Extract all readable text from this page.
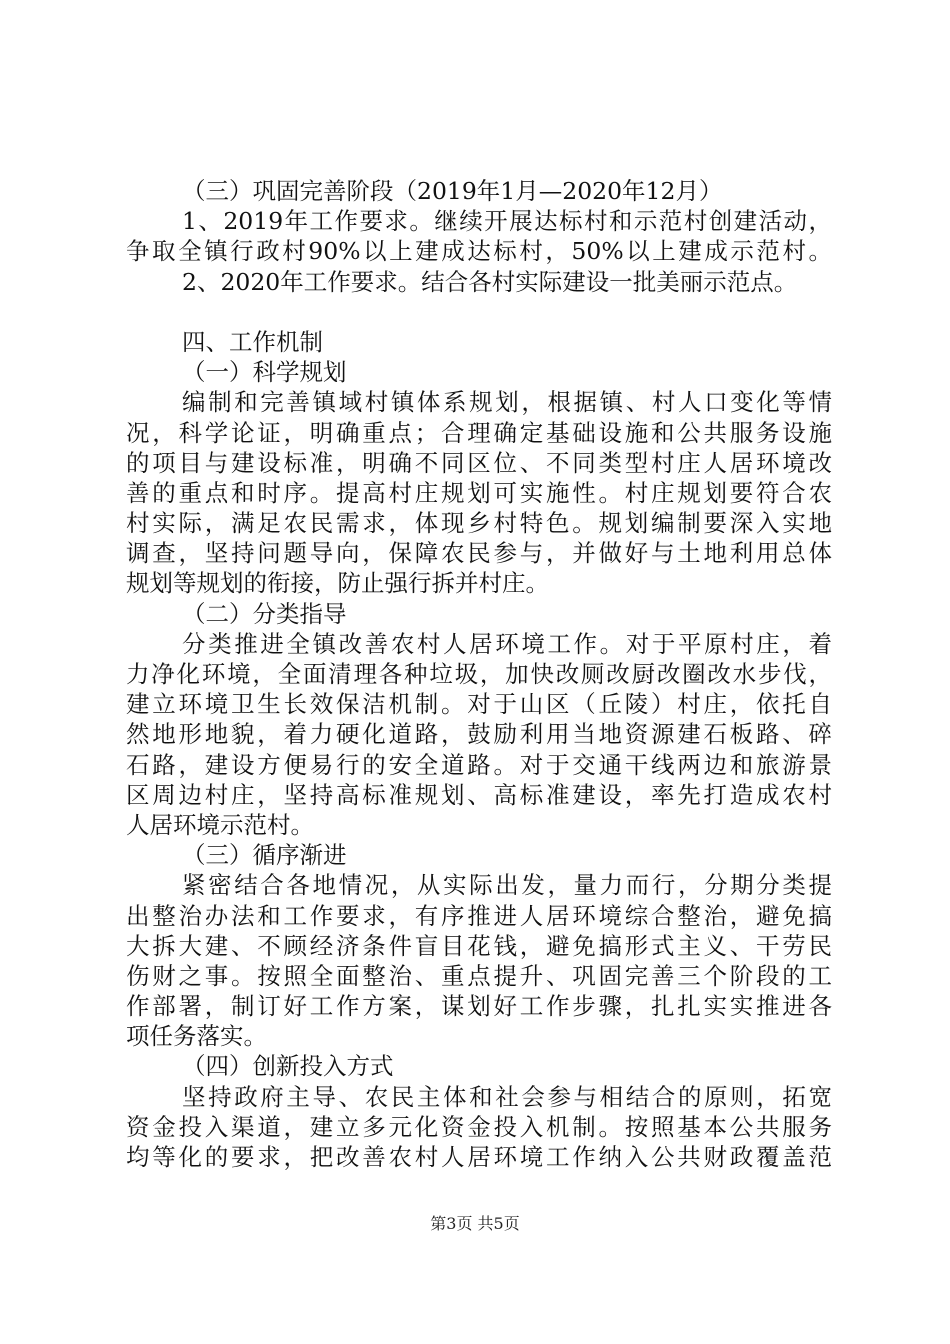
（三）巩固完善阶段（2019年1月—2020年12月）
1、2019年工作要求。继续开展达标村和示范村创建活动，
争取全镇行政村90%以上建成达标村，50%以上建成示范村。
2、2020年工作要求。结合各村实际建设一批美丽示范点。
四、工作机制
（一）科学规划
编制和完善镇域村镇体系规划，根据镇、村人口变化等情
况，科学论证，明确重点；合理确定基础设施和公共服务设施
的项目与建设标准，明确不同区位、不同类型村庄人居环境改
善的重点和时序。提高村庄规划可实施性。村庄规划要符合农
村实际，满足农民需求，体现乡村特色。规划编制要深入实地
调查，坚持问题导向，保障农民参与，并做好与土地利用总体
规划等规划的衔接，防止强行拆并村庄。
（二）分类指导
分类推进全镇改善农村人居环境工作。对于平原村庄，着
力净化环境，全面清理各种垃圾，加快改厕改厨改圈改水步伐，
建立环境卫生长效保洁机制。对于山区（丘陵）村庄，依托自
然地形地貌，着力硬化道路，鼓励利用当地资源建石板路、碎
石路，建设方便易行的安全道路。对于交通干线两边和旅游景
区周边村庄，坚持高标准规划、高标准建设，率先打造成农村
人居环境示范村。
（三）循序渐进
紧密结合各地情况，从实际出发，量力而行，分期分类提
出整治办法和工作要求，有序推进人居环境综合整治，避免搞
大拆大建、不顾经济条件盲目花钱，避免搞形式主义、干劳民
伤财之事。按照全面整治、重点提升、巩固完善三个阶段的工
作部署，制订好工作方案，谋划好工作步骤，扎扎实实推进各
项任务落实。
（四）创新投入方式
坚持政府主导、农民主体和社会参与相结合的原则，拓宽
资金投入渠道，建立多元化资金投入机制。按照基本公共服务
均等化的要求，把改善农村人居环境工作纳入公共财政覆盖范
第3页 共5页
